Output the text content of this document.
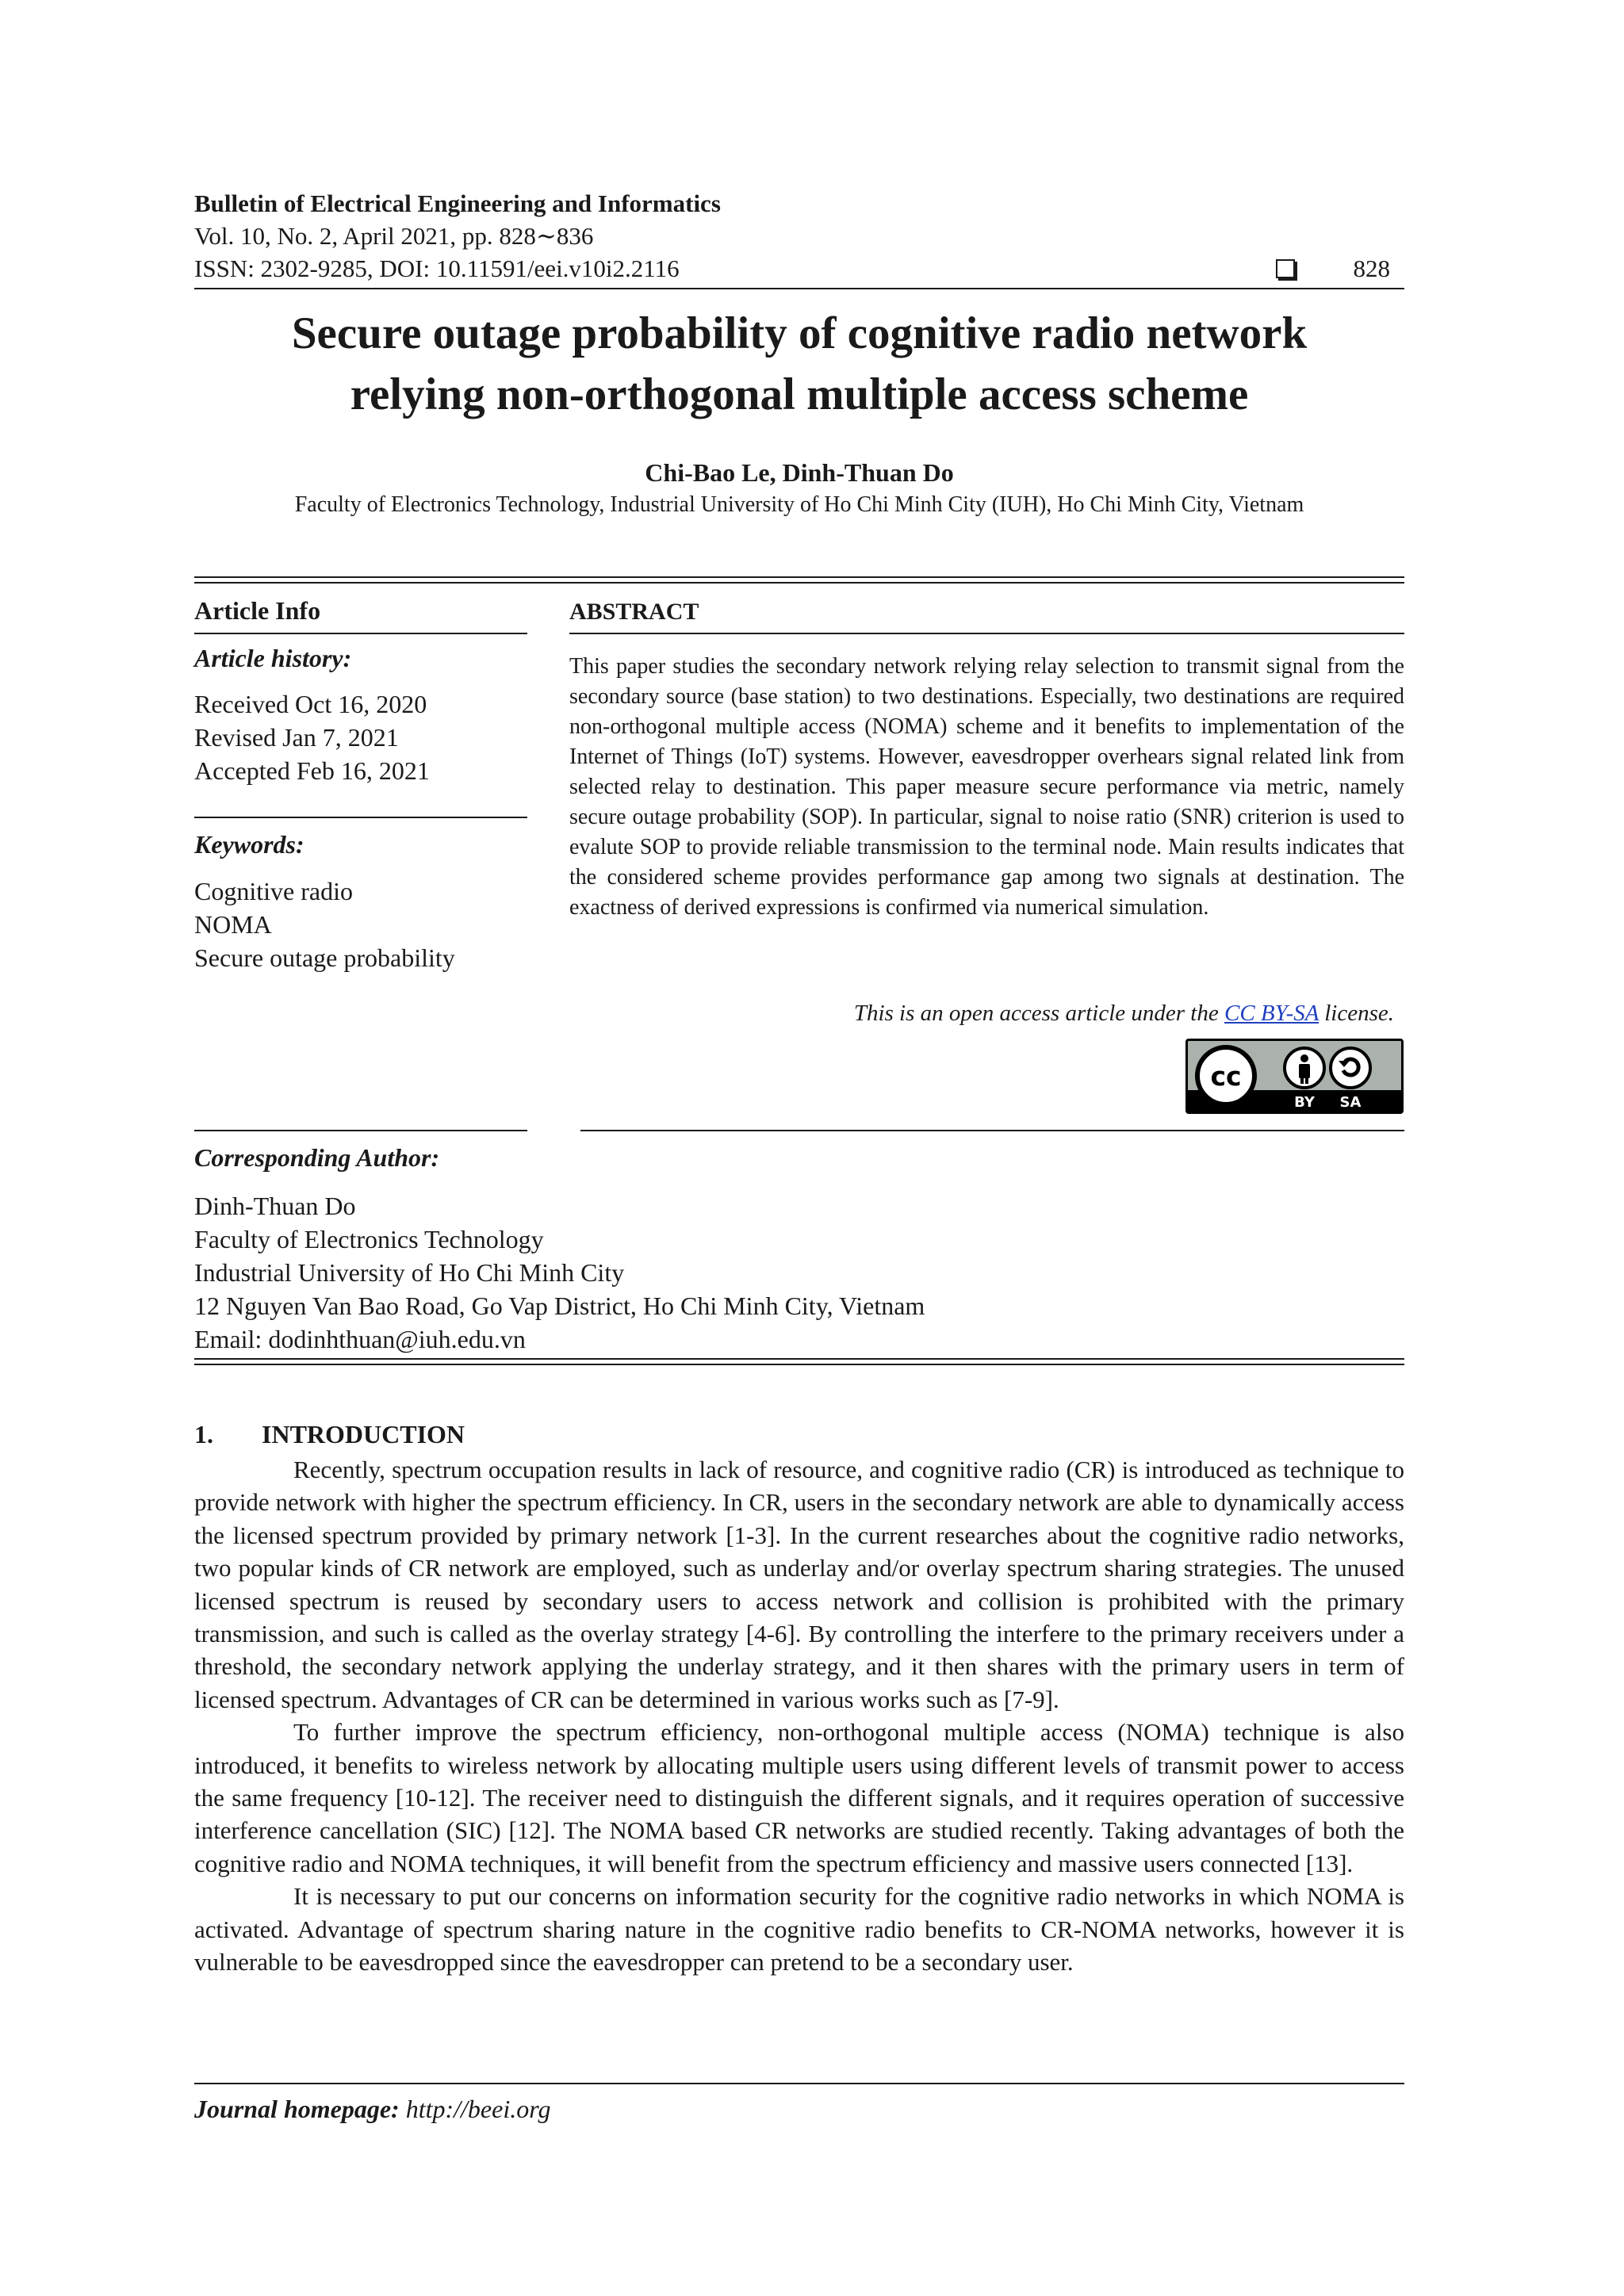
Bulletin of Electrical Engineering and Informatics
Vol. 10, No. 2, April 2021, pp. 828∼836
ISSN: 2302-9285, DOI: 10.11591/eei.v10i2.2116	828
Secure outage probability of cognitive radio network
relying non-orthogonal multiple access scheme
Chi-Bao Le, Dinh-Thuan Do
Faculty of Electronics Technology, Industrial University of Ho Chi Minh City (IUH), Ho Chi Minh City, Vietnam
Article Info
Article history:
Received Oct 16, 2020
Revised Jan 7, 2021
Accepted Feb 16, 2021
Keywords:
Cognitive radio
NOMA
Secure outage probability
ABSTRACT
This paper studies the secondary network relying relay selection to transmit signal from the secondary source (base station) to two destinations. Especially, two destinations are required non-orthogonal multiple access (NOMA) scheme and it benefits to implementation of the Internet of Things (IoT) systems. However, eavesdropper overhears signal related link from selected relay to destination. This paper measure secure performance via metric, namely secure outage probability (SOP). In particular, signal to noise ratio (SNR) criterion is used to evalute SOP to provide reliable transmission to the terminal node. Main results indicates that the considered scheme provides performance gap among two signals at destination. The exactness of derived expressions is confirmed via numerical simulation.
This is an open access article under the CC BY-SA license.
cc
BY SA
Corresponding Author:
Dinh-Thuan Do
Faculty of Electronics Technology
Industrial University of Ho Chi Minh City
12 Nguyen Van Bao Road, Go Vap District, Ho Chi Minh City, Vietnam
Email: dodinhthuan@iuh.edu.vn
1. INTRODUCTION

Recently, spectrum occupation results in lack of resource, and cognitive radio (CR) is introduced as technique to provide network with higher the spectrum efficiency. In CR, users in the secondary network are able to dynamically access the licensed spectrum provided by primary network [1-3]. In the current researches about the cognitive radio networks, two popular kinds of CR network are employed, such as underlay and/or overlay spectrum sharing strategies. The unused licensed spectrum is reused by secondary users to access network and collision is prohibited with the primary transmission, and such is called as the overlay strategy [4-6]. By controlling the interfere to the primary receivers under a threshold, the secondary network applying the underlay strategy, and it then shares with the primary users in term of licensed spectrum. Advantages of CR can be determined in various works such as [7-9].

To further improve the spectrum efficiency, non-orthogonal multiple access (NOMA) technique is also introduced, it benefits to wireless network by allocating multiple users using different levels of transmit power to access the same frequency [10-12]. The receiver need to distinguish the different signals, and it requires operation of successive interference cancellation (SIC) [12]. The NOMA based CR networks are studied recently. Taking advantages of both the cognitive radio and NOMA techniques, it will benefit from the spectrum efficiency and massive users connected [13].

It is necessary to put our concerns on information security for the cognitive radio networks in which NOMA is activated. Advantage of spectrum sharing nature in the cognitive radio benefits to CR-NOMA networks, however it is vulnerable to be eavesdropped since the eavesdropper can pretend to be a secondary user.

Journal homepage: http://beei.org
